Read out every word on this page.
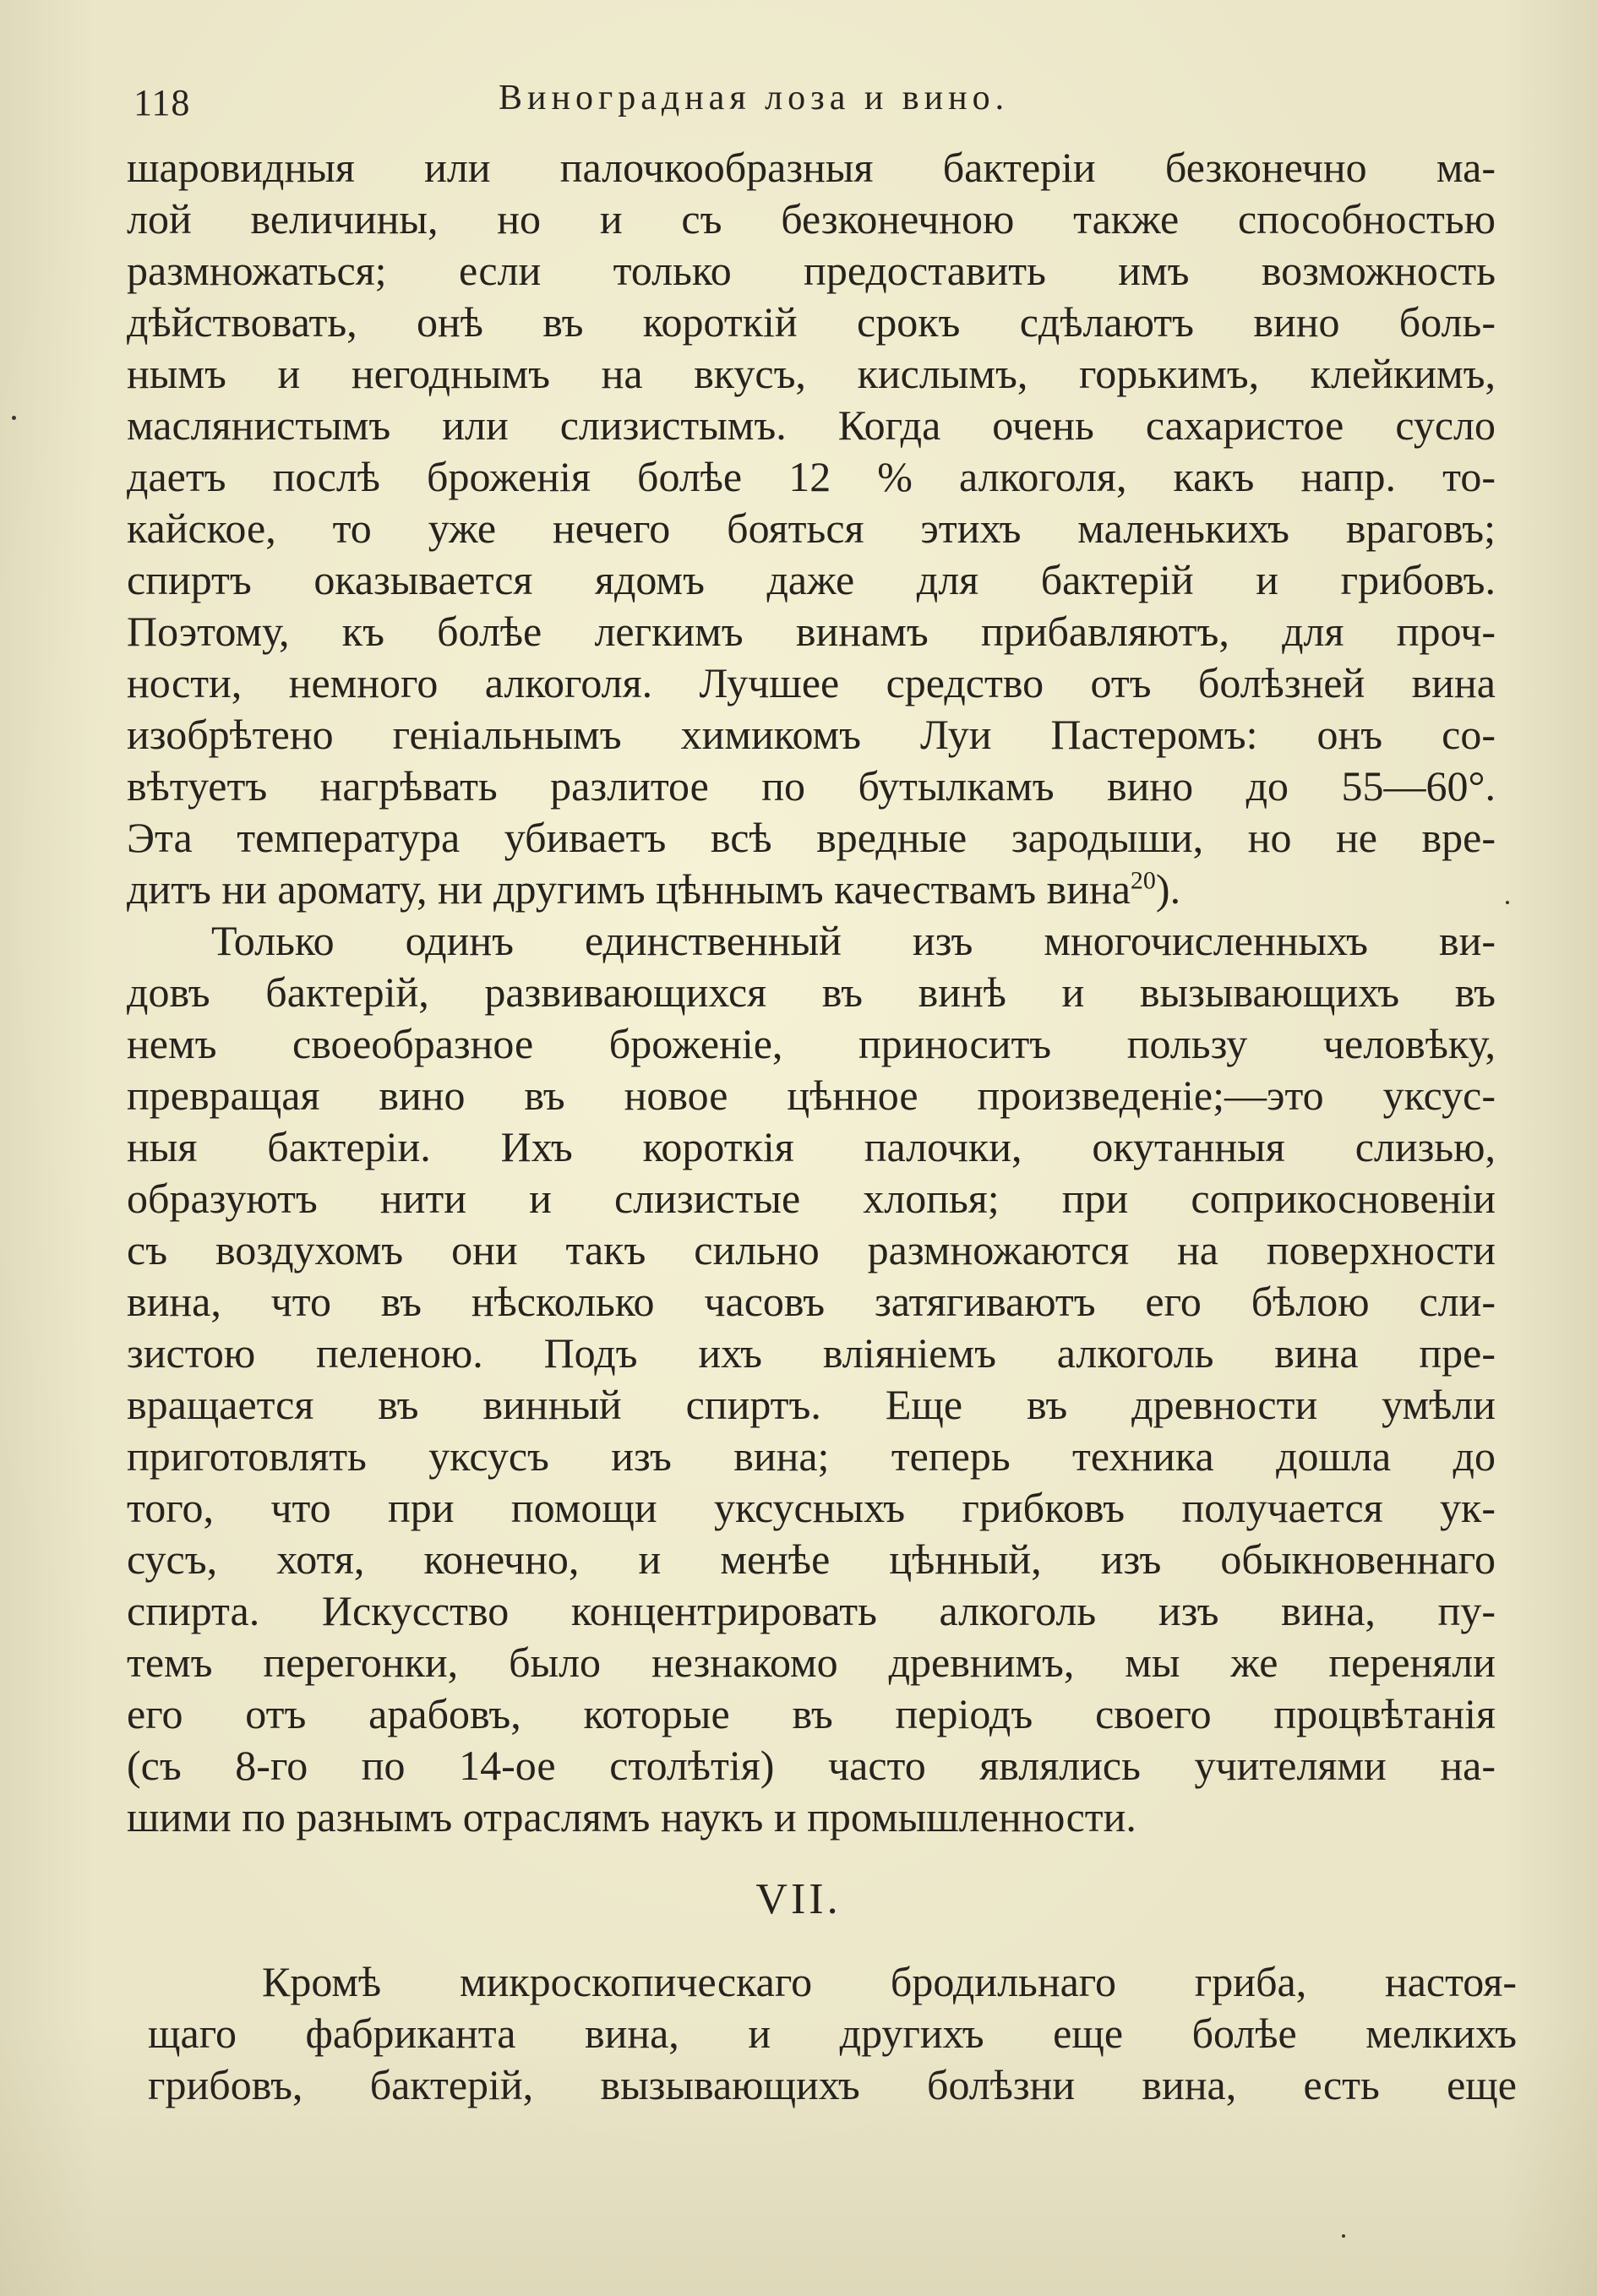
118	Виноградная лоза и вино.
шаровидныя или палочкообразныя бактеріи безконечно ма-
лой величины, но и съ безконечною также способностью
размножаться; если только предоставить имъ возможность
дѣйствовать, онѣ въ короткій срокъ сдѣлаютъ вино боль-
нымъ и негоднымъ на вкусъ, кислымъ, горькимъ, клейкимъ,
маслянистымъ или слизистымъ. Когда очень сахаристое сусло
даетъ послѣ броженія болѣе 12 % алкоголя, какъ напр. то-
кайское, то уже нечего бояться этихъ маленькихъ враговъ;
спиртъ оказывается ядомъ даже для бактерій и грибовъ.
Поэтому, къ болѣе легкимъ винамъ прибавляютъ, для проч-
ности, немного алкоголя. Лучшее средство отъ болѣзней вина
изобрѣтено геніальнымъ химикомъ Луи Пастеромъ: онъ со-
вѣтуетъ нагрѣвать разлитое по бутылкамъ вино до 55—60°.
Эта температура убиваетъ всѣ вредные зародыши, но не вре-
дитъ ни аромату, ни другимъ цѣннымъ качествамъ вина$^{20}$).
Только одинъ единственный изъ многочисленныхъ ви-
довъ бактерій, развивающихся въ винѣ и вызывающихъ въ
немъ своеобразное броженіе, приноситъ пользу человѣку,
превращая вино въ новое цѣнное произведеніе;—это уксус-
ныя бактеріи. Ихъ короткія палочки, окутанныя слизью,
образуютъ нити и слизистые хлопья; при соприкосновеніи
съ воздухомъ они такъ сильно размножаются на поверхности
вина, что въ нѣсколько часовъ затягиваютъ его бѣлою сли-
зистою пеленою. Подъ ихъ вліяніемъ алкоголь вина пре-
вращается въ винный спиртъ. Еще въ древности умѣли
приготовлять уксусъ изъ вина; теперь техника дошла до
того, что при помощи уксусныхъ грибковъ получается ук-
сусъ, хотя, конечно, и менѣе цѣнный, изъ обыкновеннаго
спирта. Искусство концентрировать алкоголь изъ вина, пу-
темъ перегонки, было незнакомо древнимъ, мы же переняли
его отъ арабовъ, которые въ періодъ своего процвѣтанія
(съ 8-го по 14-ое столѣтія) часто являлись учителями на-
шими по разнымъ отраслямъ наукъ и промышленности.
VII.
Кромѣ микроскопическаго бродильнаго гриба, настоя-
щаго фабриканта вина, и другихъ еще болѣе мелкихъ
грибовъ, бактерій, вызывающихъ болѣзни вина, есть еще
